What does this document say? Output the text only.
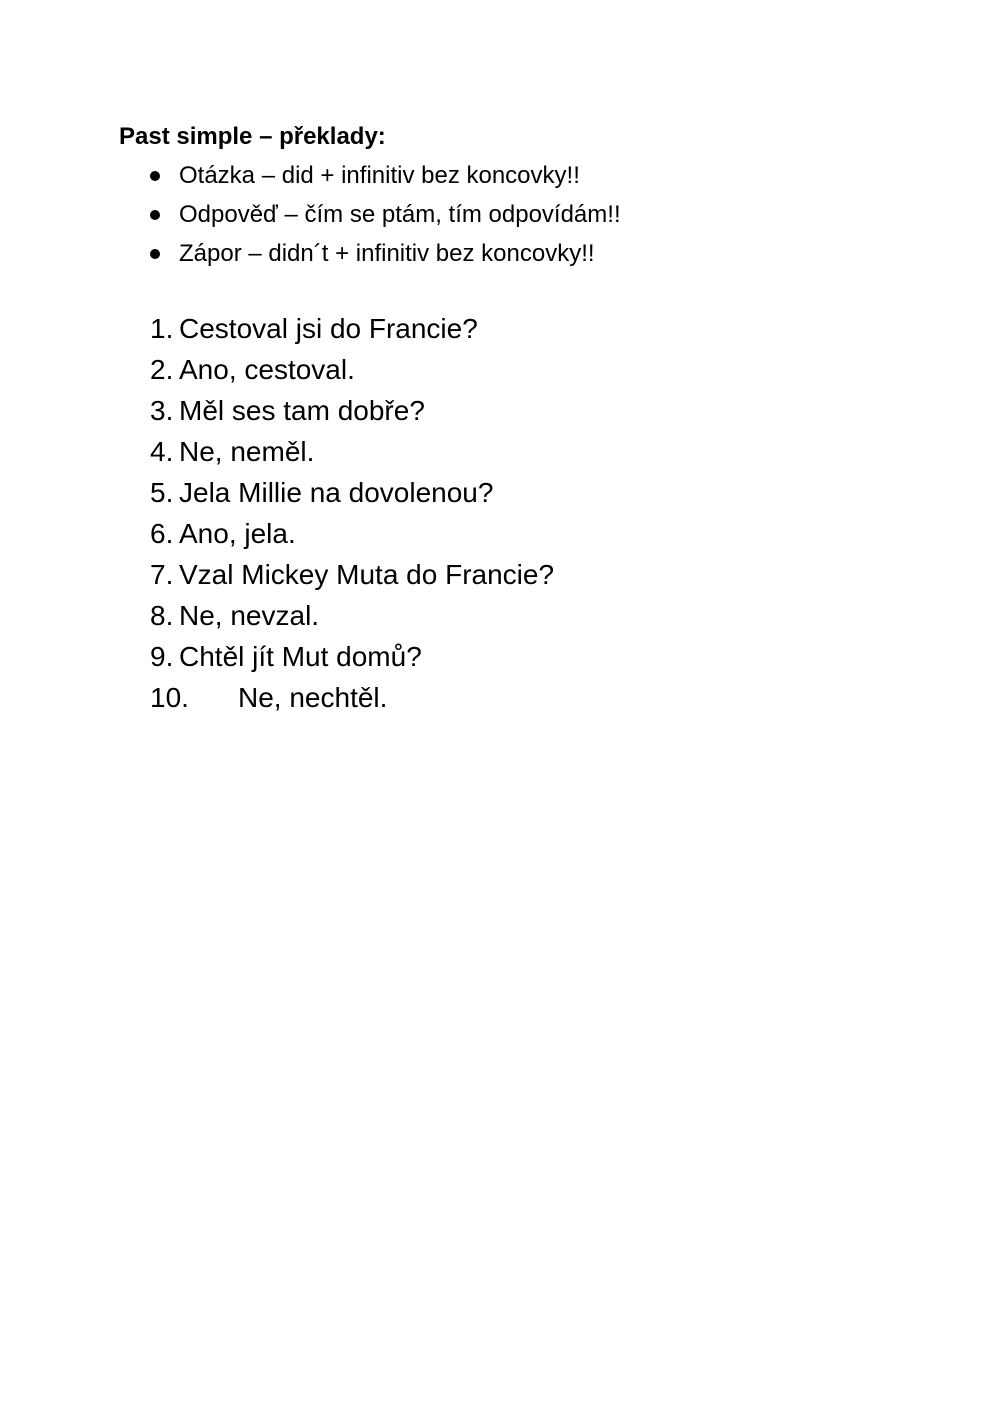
Past simple – překlady:
Otázka – did + infinitiv bez koncovky!!
Odpověď – čím se ptám, tím odpovídám!!
Zápor – didn´t + infinitiv bez koncovky!!
1. Cestoval jsi do Francie?
2. Ano, cestoval.
3. Měl ses tam dobře?
4. Ne, neměl.
5. Jela Millie na dovolenou?
6. Ano, jela.
7. Vzal Mickey Muta do Francie?
8. Ne, nevzal.
9. Chtěl jít Mut domů?
10. Ne, nechtěl.
